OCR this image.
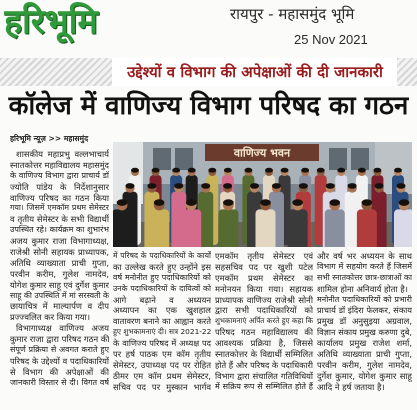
हरिभूमि	रायपुर - महासमुंद भूमि
25 Nov 2021
उद्देश्यों व विभाग की अपेक्षाओं की दी जानकारी
कॉलेज में वाणिज्य विभाग परिषद का गठन
हरिभूमि न्यूज़ >> महासमुंद
वाणिज्य भवन
शासकीय महाप्रभु वल्लभाचार्य
स्नातकोत्तर महाविद्यालय महासमुंद
के वाणिज्य विभाग द्वारा प्राचार्य डॉ
ज्योति पांडेय के निर्देशानुसार
वाणिज्य परिषद का गठन किया
गया। जिसमें एमकॉम प्रथम सेमेस्टर
व तृतीय सेमेस्टर के सभी विद्यार्थी
उपस्थित रहे। कार्यक्रम का शुभारंभ
अजय कुमार राजा विभागाध्यक्ष,
राजेश्री सोनी सहायक प्राध्यापक,
अतिथि व्याख्याता प्राची गुप्ता,
परवीन करीम, गुलेश नामदेव,
योगेश कुमार साहू एवं दुर्गेश कुमार
साहू की उपस्थिति में मां सरस्वती के
छायाचित्र में माल्यार्पण व दीप
प्रज्ज्वलित कर किया गया।
विभागाध्यक्ष वाणिज्य अजय
कुमार राजा द्वारा परिषद गठन की
संपूर्ण प्रक्रिया से अवगत कराते हुए
परिषद के उद्देश्यों व पदाधिकारियों
से विभाग की अपेक्षाओं की
जानकारी विस्तार से दी। विगत वर्ष
में परिषद के पदाधिकारियों के कार्यों
का उल्लेख करते हुए उन्होंने इस
वर्ष मनोनीत हुए पदाधिकारियों को
उनके पदाधिकारियों के दायित्वों को
आगे बढ़ाने व अध्ययन
अध्यापन का एक खुशहाल
वातावरण बनाने का आह्वान करते
हुए शुभकामनाएं दी। सत्र 2021-22
के वाणिज्य परिषद में अध्यक्ष पद
पर हर्ष पाठक एम कॉम तृतीय
सेमेस्टर, उपाध्यक्ष पद पर रोहित
ठीमर एम कॉम प्रथम सेमेस्टर,
सचिव पद पर मुस्कान भार्गव
एमकॉम तृतीय सेमेस्टर एवं
सहसचिव पद पर खुशी पटेल
एमकॉम प्रथम सेमेस्टर का
मनोनयन किया गया। सहायक
प्राध्यापक वाणिज्य राजेश्री सोनी
द्वारा सभी पदाधिकारियों को
शुभकामनाएं अर्पित करते हुए कहा कि
परिषद गठन महाविद्यालय की
आवश्यक प्रक्रिया है, जिससे
स्नातकोत्तर के विद्यार्थी सम्मिलित
होते हैं और परिषद के पदाधिकारी
विभाग द्वारा संचालित गतिविधियों
में सक्रिय रूप से सम्मिलित होते हैं
और वर्ष भर अध्ययन के साथ
विभाग में सहयोग करते हैं जिसमें
सभी स्नातकोत्तर छात्र-छात्राओं का
शामिल होना अनिवार्य होता है।
मनोनीत पदाधिकारियों को प्रभारी
प्राचार्य डॉ इंदिरा फेलकर, संकाय
प्रमुख डॉ अनुसुइया अग्रवाल,
विज्ञान संकाय प्रमुख करुणा दुबे,
कार्यालय प्रमुख राजेश शर्मा,
अतिथि व्याख्याता प्राची गुप्ता,
परवीन करीम, गुलेश नामदेव,
दुर्गेश कुमार, योगेश कुमार साहू
आदि ने हर्ष जताया है।
